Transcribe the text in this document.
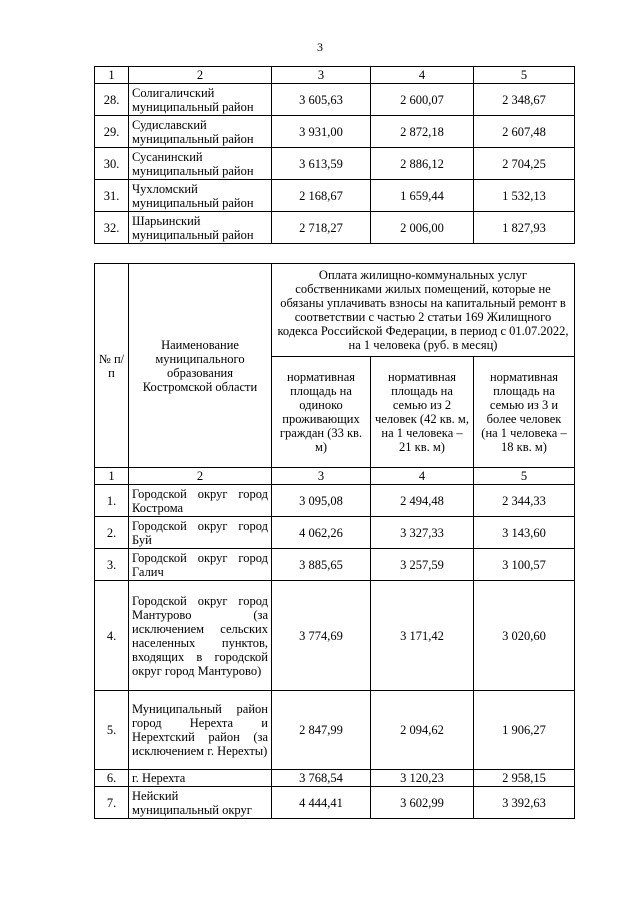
3
1	2	3	4	5
28.	Солигаличский муниципальный район	3 605,63	2 600,07	2 348,67
29.	Судиславский муниципальный район	3 931,00	2 872,18	2 607,48
30.	Сусанинский муниципальный район	3 613,59	2 886,12	2 704,25
31.	Чухломский муниципальный район	2 168,67	1 659,44	1 532,13
32.	Шарьинский муниципальный район	2 718,27	2 006,00	1 827,93
№ п/п	Наименование муниципального образования Костромской области	Оплата жилищно-коммунальных услуг собственниками жилых помещений, которые не обязаны уплачивать взносы на капитальный ремонт в соответствии с частью 2 статьи 169 Жилищного кодекса Российской Федерации, в период с 01.07.2022, на 1 человека (руб. в месяц)		
		нормативная площадь на одиноко проживающих граждан (33 кв. м)	нормативная площадь на семью из 2 человек (42 кв. м, на 1 человека – 21 кв. м)	нормативная площадь на семью из 3 и более человек (на 1 человека – 18 кв. м)
1	2	3	4	5
1.	Городской округ город Кострома	3 095,08	2 494,48	2 344,33
2.	Городской округ город Буй	4 062,26	3 327,33	3 143,60
3.	Городской округ город Галич	3 885,65	3 257,59	3 100,57
4.	Городской округ город Мантурово (за исключением сельских населенных пунктов, входящих в городской округ город Мантурово)	3 774,69	3 171,42	3 020,60
5.	Муниципальный район город Нерехта и Нерехтский район (за исключением г. Нерехты)	2 847,99	2 094,62	1 906,27
6.	г. Нерехта	3 768,54	3 120,23	2 958,15
7.	Нейский муниципальный округ	4 444,41	3 602,99	3 392,63
